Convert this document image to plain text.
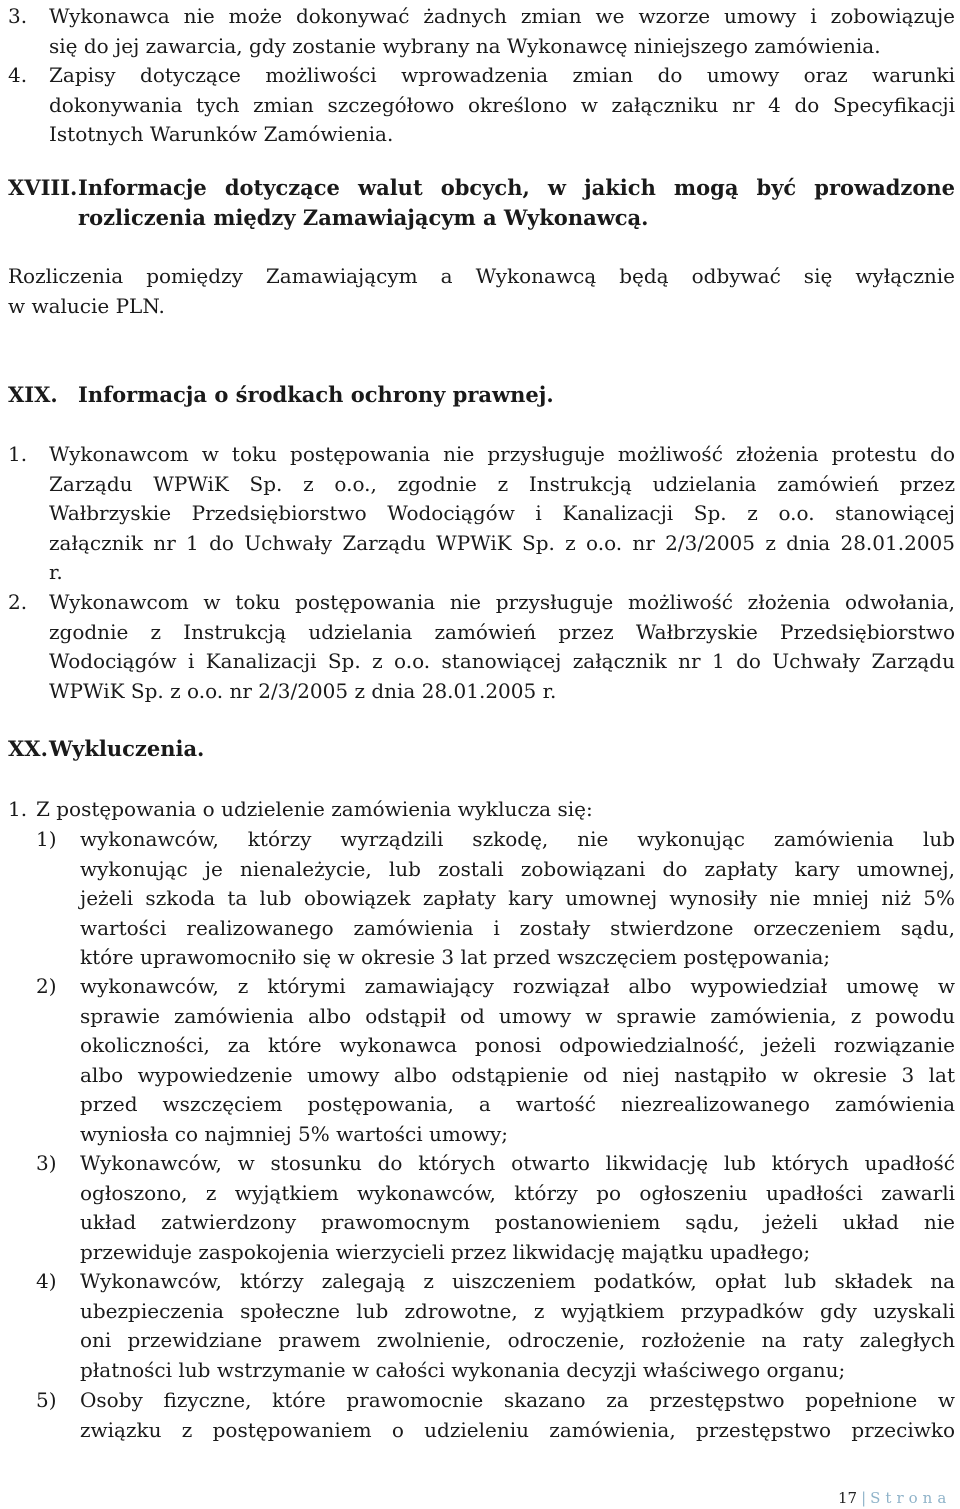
3. Wykonawca nie może dokonywać żadnych zmian we wzorze umowy i zobowiązuje
się do jej zawarcia, gdy zostanie wybrany na Wykonawcę niniejszego zamówienia.
4. Zapisy dotyczące możliwości wprowadzenia zmian do umowy oraz warunki
dokonywania tych zmian szczegółowo określono w załączniku nr 4 do Specyfikacji
Istotnych Warunków Zamówienia.
XVIII. Informacje dotyczące walut obcych, w jakich mogą być prowadzone
rozliczenia między Zamawiającym a Wykonawcą.
Rozliczenia pomiędzy Zamawiającym a Wykonawcą będą odbywać się wyłącznie
w walucie PLN.
XIX. Informacja o środkach ochrony prawnej.
1. Wykonawcom w toku postępowania nie przysługuje możliwość złożenia protestu do
Zarządu WPWiK Sp. z o.o., zgodnie z Instrukcją udzielania zamówień przez
Wałbrzyskie Przedsiębiorstwo Wodociągów i Kanalizacji Sp. z o.o. stanowiącej
załącznik nr 1 do Uchwały Zarządu WPWiK Sp. z o.o. nr 2/3/2005 z dnia 28.01.2005
r.
2. Wykonawcom w toku postępowania nie przysługuje możliwość złożenia odwołania,
zgodnie z Instrukcją udzielania zamówień przez Wałbrzyskie Przedsiębiorstwo
Wodociągów i Kanalizacji Sp. z o.o. stanowiącej załącznik nr 1 do Uchwały Zarządu
WPWiK Sp. z o.o. nr 2/3/2005 z dnia 28.01.2005 r.
XX. Wykluczenia.
1. Z postępowania o udzielenie zamówienia wyklucza się:
1) wykonawców, którzy wyrządzili szkodę, nie wykonując zamówienia lub
wykonując je nienależycie, lub zostali zobowiązani do zapłaty kary umownej,
jeżeli szkoda ta lub obowiązek zapłaty kary umownej wynosiły nie mniej niż 5%
wartości realizowanego zamówienia i zostały stwierdzone orzeczeniem sądu,
które uprawomocniło się w okresie 3 lat przed wszczęciem postępowania;
2) wykonawców, z którymi zamawiający rozwiązał albo wypowiedział umowę w
sprawie zamówienia albo odstąpił od umowy w sprawie zamówienia, z powodu
okoliczności, za które wykonawca ponosi odpowiedzialność, jeżeli rozwiązanie
albo wypowiedzenie umowy albo odstąpienie od niej nastąpiło w okresie 3 lat
przed wszczęciem postępowania, a wartość niezrealizowanego zamówienia
wyniosła co najmniej 5% wartości umowy;
3) Wykonawców, w stosunku do których otwarto likwidację lub których upadłość
ogłoszono, z wyjątkiem wykonawców, którzy po ogłoszeniu upadłości zawarli
układ zatwierdzony prawomocnym postanowieniem sądu, jeżeli układ nie
przewiduje zaspokojenia wierzycieli przez likwidację majątku upadłego;
4) Wykonawców, którzy zalegają z uiszczeniem podatków, opłat lub składek na
ubezpieczenia społeczne lub zdrowotne, z wyjątkiem przypadków gdy uzyskali
oni przewidziane prawem zwolnienie, odroczenie, rozłożenie na raty zaległych
płatności lub wstrzymanie w całości wykonania decyzji właściwego organu;
5) Osoby fizyczne, które prawomocnie skazano za przestępstwo popełnione w
związku z postępowaniem o udzieleniu zamówienia, przestępstwo przeciwko
17 | Strona
